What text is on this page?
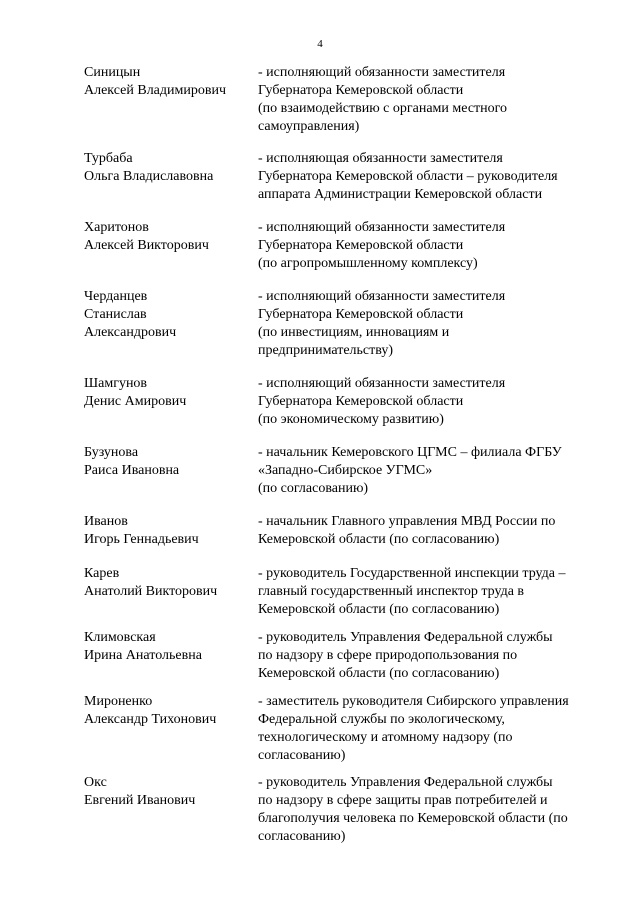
4
Синицын
Алексей Владимирович
- исполняющий обязанности заместителя
Губернатора Кемеровской области
(по взаимодействию с органами местного
самоуправления)
Турбаба
Ольга Владиславовна
- исполняющая обязанности заместителя
Губернатора Кемеровской области – руководителя
аппарата Администрации Кемеровской области
Харитонов
Алексей Викторович
- исполняющий обязанности заместителя
Губернатора Кемеровской области
(по агропромышленному комплексу)
Черданцев
Станислав
Александрович
- исполняющий обязанности заместителя
Губернатора Кемеровской области
(по инвестициям, инновациям и
предпринимательству)
Шамгунов
Денис Амирович
- исполняющий обязанности заместителя
Губернатора Кемеровской области
(по экономическому развитию)
Бузунова
Раиса Ивановна
- начальник Кемеровского ЦГМС – филиала ФГБУ
«Западно-Сибирское УГМС»
(по согласованию)
Иванов
Игорь Геннадьевич
- начальник Главного управления МВД России по
Кемеровской области (по согласованию)
Карев
Анатолий Викторович
- руководитель Государственной инспекции труда –
главный государственный инспектор труда в
Кемеровской области (по согласованию)
Климовская
Ирина Анатольевна
- руководитель Управления Федеральной службы
по надзору в сфере природопользования по
Кемеровской области (по согласованию)
Мироненко
Александр Тихонович
- заместитель руководителя Сибирского управления
Федеральной службы по экологическому,
технологическому и атомному надзору (по
согласованию)
Окс
Евгений Иванович
- руководитель Управления Федеральной службы
по надзору в сфере защиты прав потребителей и
благополучия человека по Кемеровской области (по
согласованию)
